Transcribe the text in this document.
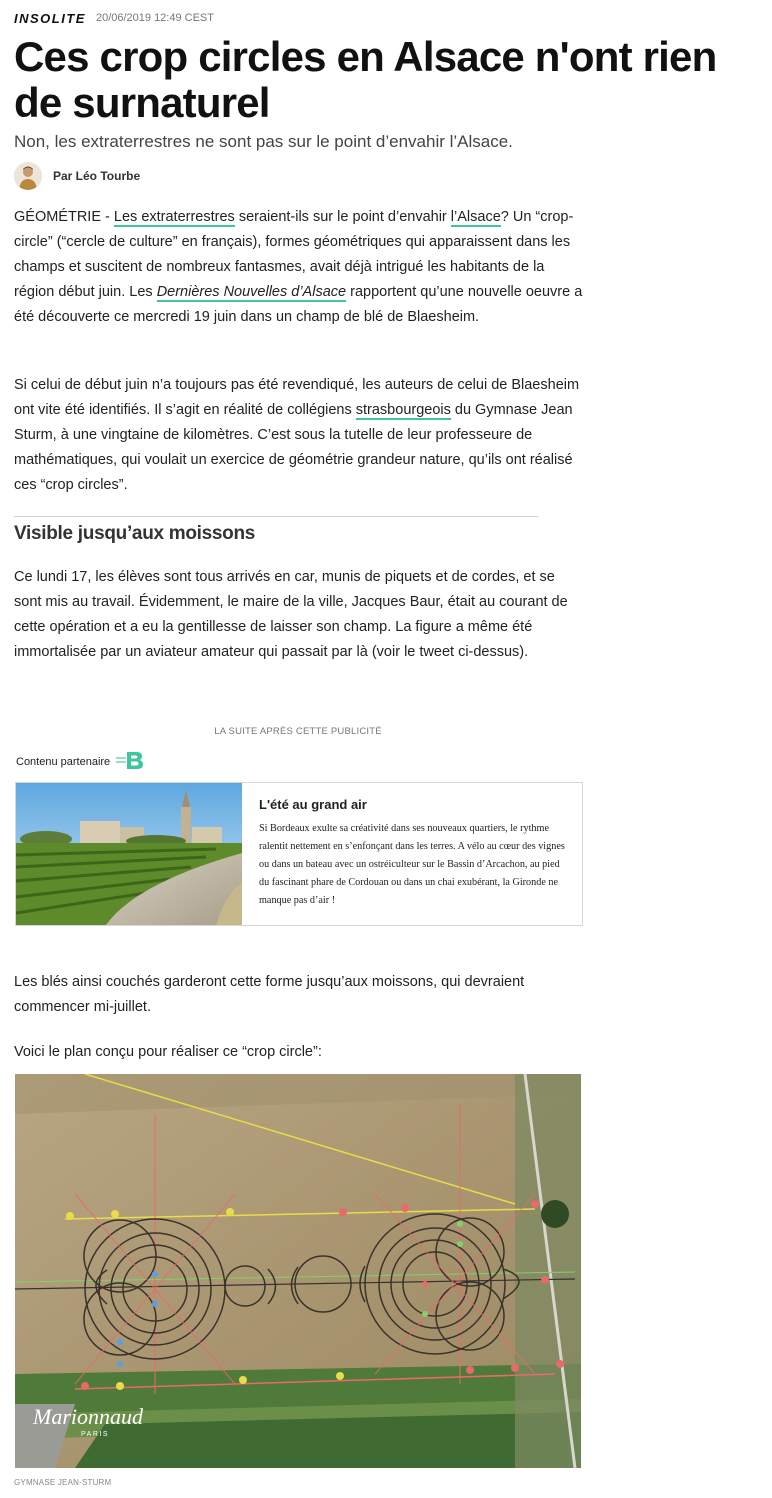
INSOLITE 20/06/2019 12:49 CEST
Ces crop circles en Alsace n'ont rien de surnaturel

Non, les extraterrestres ne sont pas sur le point d’envahir l’Alsace.

Par Léo Tourbe

GÉOMÉTRIE - Les extraterrestres seraient-ils sur le point d’envahir l’Alsace? Un “crop-circle” (“cercle de culture” en français), formes géométriques qui apparaissent dans les champs et suscitent de nombreux fantasmes, avait déjà intrigué les habitants de la région début juin. Les Dernières Nouvelles d’Alsace rapportent qu’une nouvelle oeuvre a été découverte ce mercredi 19 juin dans un champ de blé de Blaesheim.

Si celui de début juin n’a toujours pas été revendiqué, les auteurs de celui de Blaesheim ont vite été identifiés. Il s’agit en réalité de collégiens strasbourgeois du Gymnase Jean Sturm, à une vingtaine de kilomètres. C’est sous la tutelle de leur professeure de mathématiques, qui voulait un exercice de géométrie grandeur nature, qu’ils ont réalisé ces “crop circles”.

Visible jusqu’aux moissons

Ce lundi 17, les élèves sont tous arrivés en car, munis de piquets et de cordes, et se sont mis au travail. Évidemment, le maire de la ville, Jacques Baur, était au courant de cette opération et a eu la gentillesse de laisser son champ. La figure a même été immortalisée par un aviateur amateur qui passait par là (voir le tweet ci-dessus).

LA SUITE APRÈS CETTE PUBLICITÉ
Contenu partenaire

L'été au grand air

Si Bordeaux exulte sa créativité dans ses nouveaux quartiers, le rythme ralentit nettement en s’enfonçant dans les terres. A vélo au cœur des vignes ou dans un bateau avec un ostréiculteur sur le Bassin d’Arcachon, au pied du fascinant phare de Cordouan ou dans un chai exubérant, la Gironde ne manque pas d’air !

Les blés ainsi couchés garderont cette forme jusqu’aux moissons, qui devraient commencer mi-juillet.

Voici le plan conçu pour réaliser ce “crop circle”:

Marionnaud
PARIS
GYMNASE JEAN-STURM
